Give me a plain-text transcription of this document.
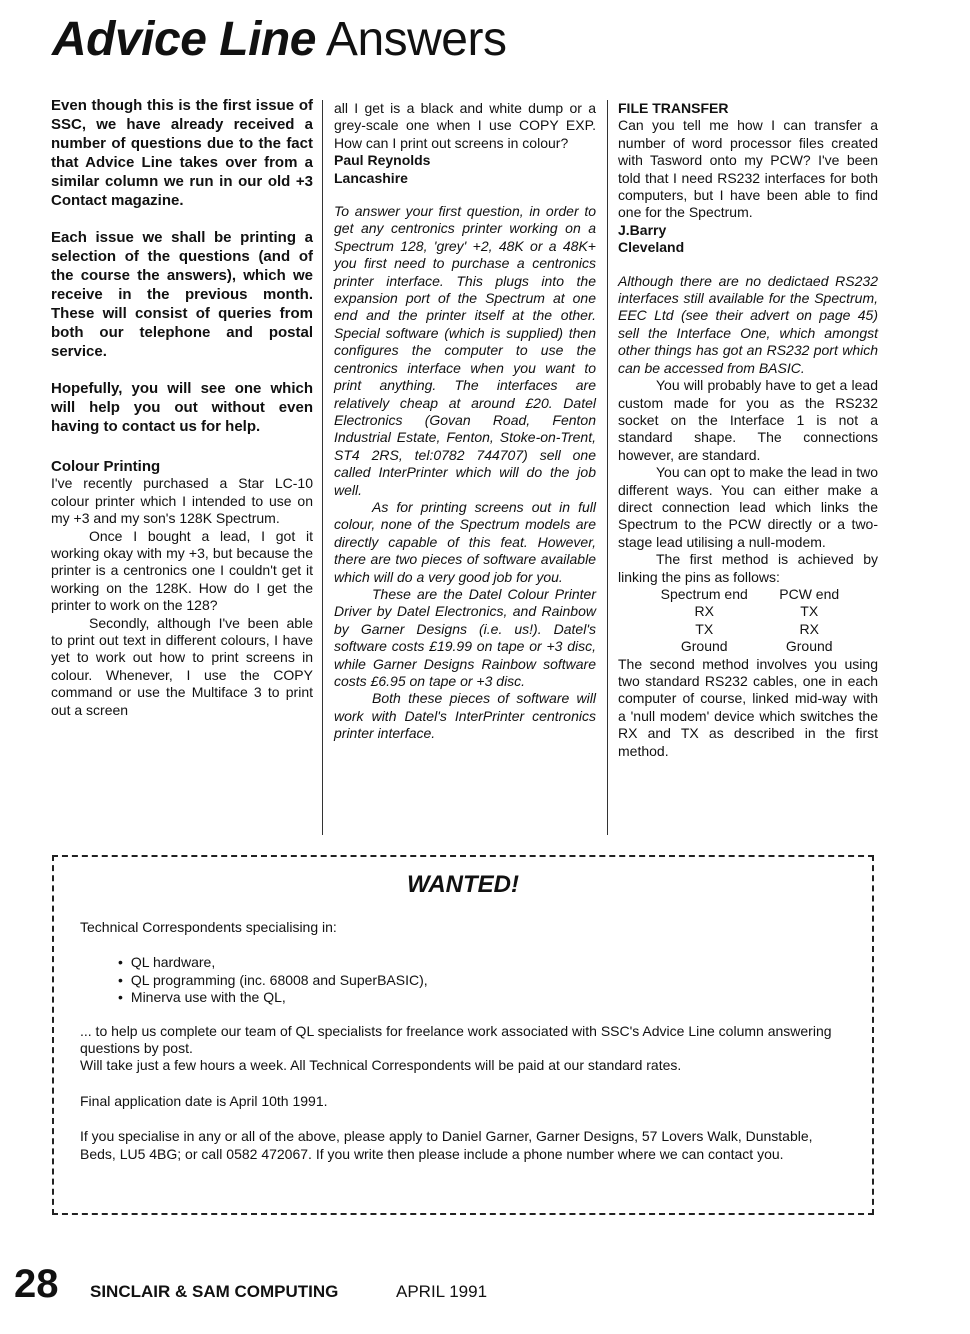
Advice Line Answers

Even though this is the first issue of SSC, we have already received a number of questions due to the fact that Advice Line takes over from a similar column we run in our old +3 Contact magazine.

Each issue we shall be printing a selection of the questions (and of the course the answers), which we receive in the previous month. These will consist of queries from both our telephone and postal service.

Hopefully, you will see one which will help you out without even having to contact us for help.

Colour Printing

I've recently purchased a Star LC-10 colour printer which I intended to use on my +3 and my son's 128K Spectrum.

Once I bought a lead, I got it working okay with my +3, but because the printer is a centronics one I couldn't get it working on the 128K. How do I get the printer to work on the 128?

Secondly, although I've been able to print out text in different colours, I have yet to work out how to print screens in colour. Whenever, I use the COPY command or use the Multiface 3 to print out a screen

all I get is a black and white dump or a grey-scale one when I use COPY EXP. How can I print out screens in colour?

Paul Reynolds

Lancashire

To answer your first question, in order to get any centronics printer working on a Spectrum 128, 'grey' +2, 48K or a 48K+ you first need to purchase a centronics printer interface. This plugs into the expansion port of the Spectrum at one end and the printer itself at the other. Special software (which is supplied) then configures the computer to use the centronics interface when you want to print anything. The interfaces are relatively cheap at around £20. Datel Electronics (Govan Road, Fenton Industrial Estate, Fenton, Stoke-on-Trent, ST4 2RS, tel:0782 744707) sell one called InterPrinter which will do the job well.

As for printing screens out in full colour, none of the Spectrum models are directly capable of this feat. However, there are two pieces of software available which will do a very good job for you.

These are the Datel Colour Printer Driver by Datel Electronics, and Rainbow by Garner Designs (i.e. us!). Datel's software costs £19.99 on tape or +3 disc, while Garner Designs Rainbow software costs £6.95 on tape or +3 disc.

Both these pieces of software will work with Datel's InterPrinter centronics printer interface.

FILE TRANSFER

Can you tell me how I can transfer a number of word processor files created with Tasword onto my PCW? I've been told that I need RS232 interfaces for both computers, but I have been able to find one for the Spectrum.

J.Barry

Cleveland

Although there are no dedictaed RS232 interfaces still available for the Spectrum, EEC Ltd (see their advert on page 45) sell the Interface One, which amongst other things has got an RS232 port which can be accessed from BASIC.

You will probably have to get a lead custom made for you as the RS232 socket on the Interface 1 is not a standard shape. The connections however, are standard.

You can opt to make the lead in two different ways. You can either make a direct connection lead which links the Spectrum to the PCW directly or a two-stage lead utilising a null-modem.

The first method is achieved by linking the pins as follows:

Spectrum end	PCW end
RX	TX
TX	RX
Ground	Ground

The second method involves you using two standard RS232 cables, one in each computer of course, linked mid-way with a 'null modem' device which switches the RX and TX as described in the first method.

WANTED!

Technical Correspondents specialising in:

• QL hardware,
• QL programming (inc. 68008 and SuperBASIC),
• Minerva use with the QL,

... to help us complete our team of QL specialists for freelance work associated with SSC's Advice Line column answering questions by post.

Will take just a few hours a week. All Technical Correspondents will be paid at our standard rates.

Final application date is April 10th 1991.

If you specialise in any or all of the above, please apply to Daniel Garner, Garner Designs, 57 Lovers Walk, Dunstable, Beds, LU5 4BG; or call 0582 472067. If you write then please include a phone number where we can contact you.

28 SINCLAIR & SAM COMPUTING	APRIL 1991
